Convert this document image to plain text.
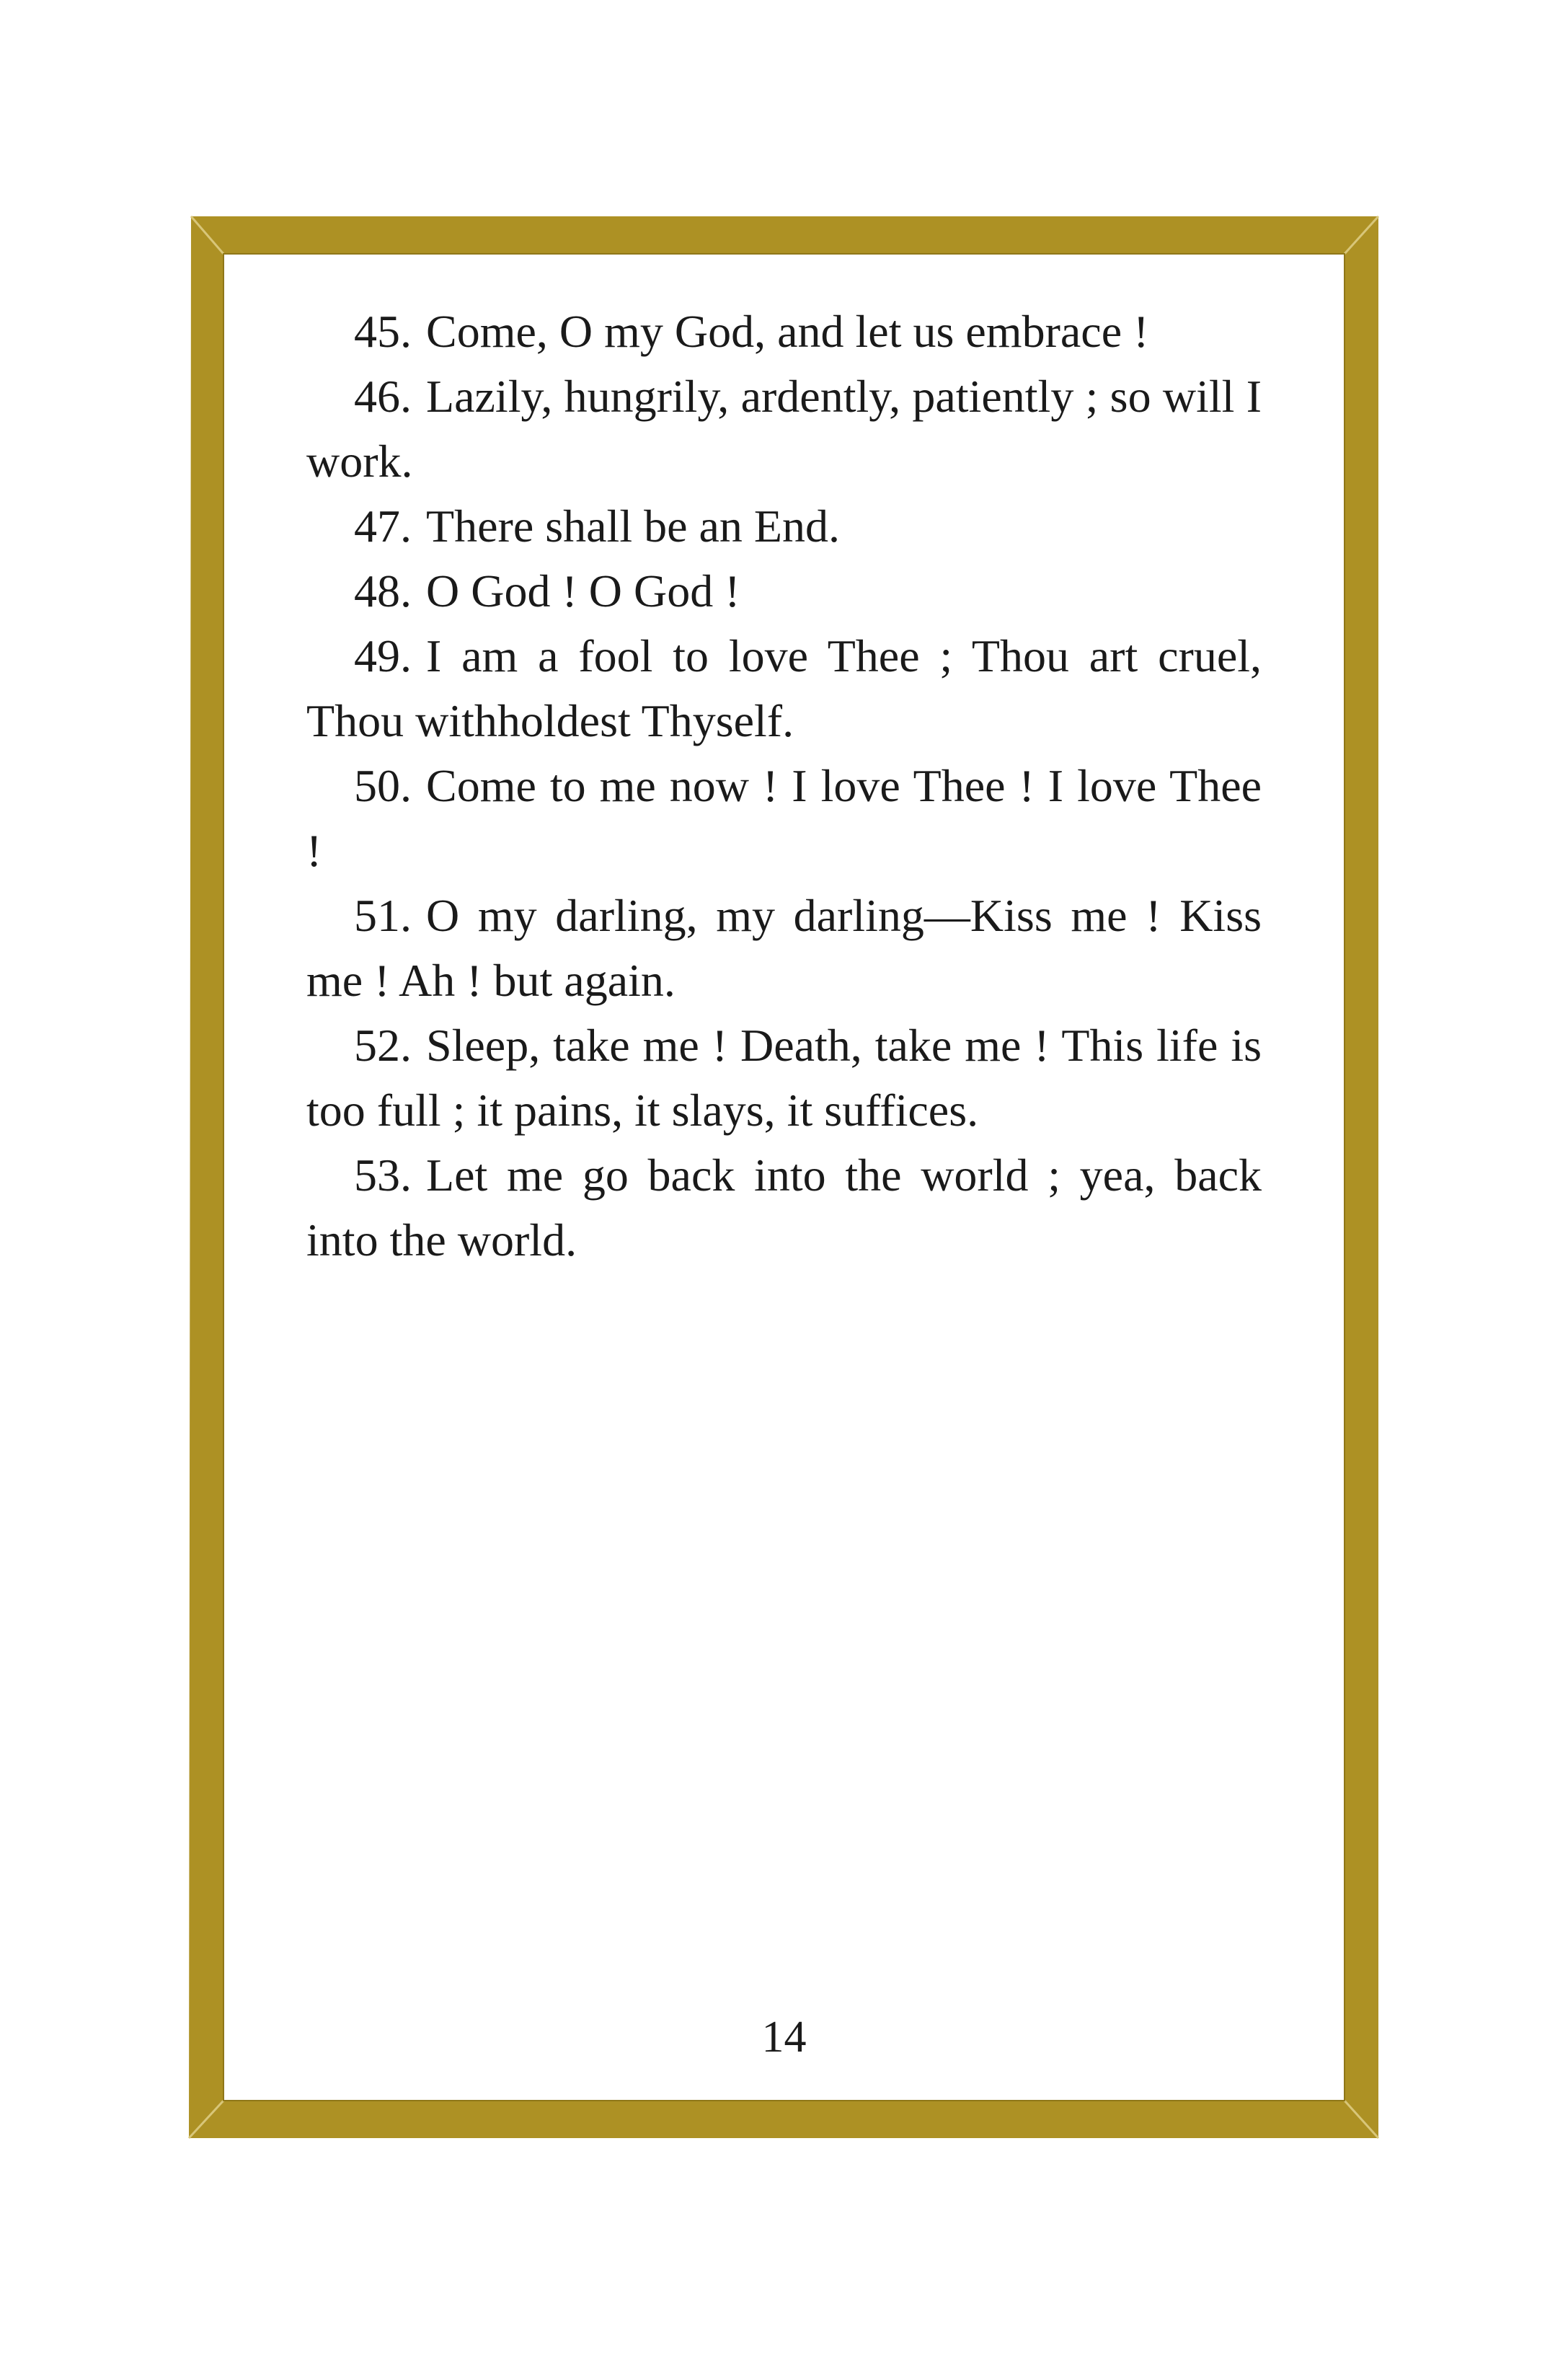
45. Come, O my God, and let us embrace !

46. Lazily, hungrily, ardently, patiently ; so will I work.

47. There shall be an End.

48. O God ! O God !

49. I am a fool to love Thee ; Thou art cruel, Thou withholdest Thyself.

50. Come to me now ! I love Thee ! I love Thee !

51. O my darling, my darling—Kiss me ! Kiss me ! Ah ! but again.

52. Sleep, take me ! Death, take me ! This life is too full ; it pains, it slays, it suffices.

53. Let me go back into the world ; yea, back into the world.

14
